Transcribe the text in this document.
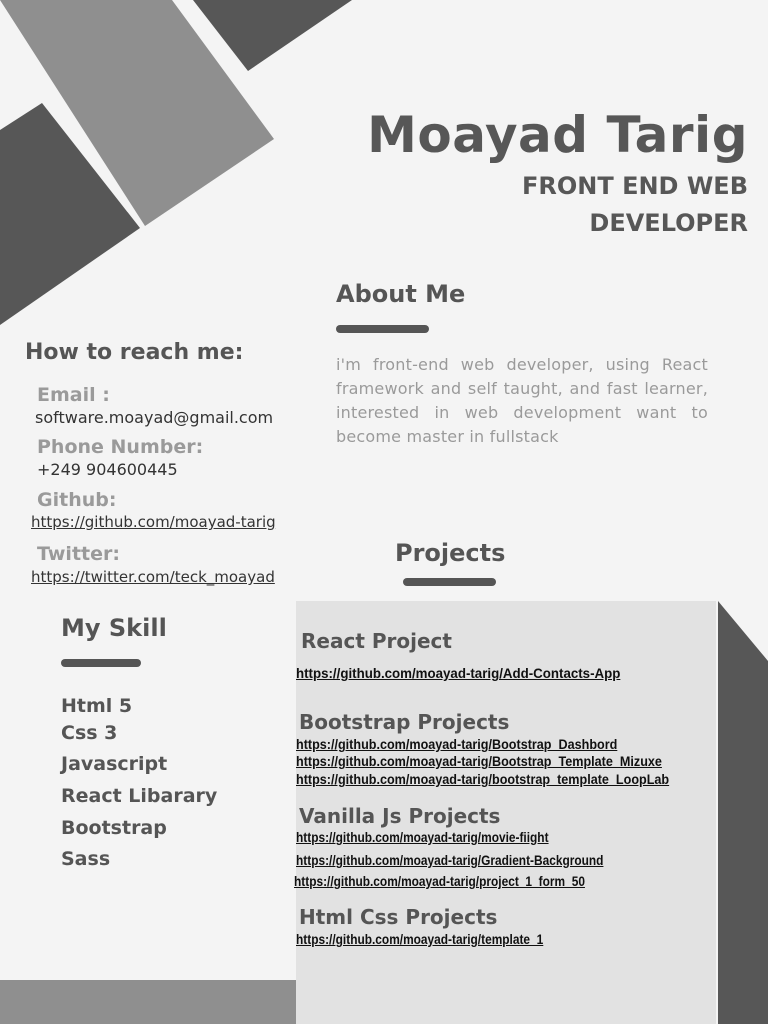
Moayad Tarig
FRONT END WEB DEVELOPER
About Me
i'm front-end web developer, using React framework and self taught, and fast learner, interested in web development want to become master in fullstack
How to reach me:
Email :
software.moayad@gmail.com
Phone Number:
+249 904600445
Github:
https://github.com/moayad-tarig
Twitter:
https://twitter.com/teck_moayad
My Skill
Html 5
Css 3
Javascript
React Libarary
Bootstrap
Sass
Projects
React Project
https://github.com/moayad-tarig/Add-Contacts-App
Bootstrap Projects
https://github.com/moayad-tarig/Bootstrap_Dashbord
https://github.com/moayad-tarig/Bootstrap_Template_Mizuxe
https://github.com/moayad-tarig/bootstrap_template_LoopLab
Vanilla Js Projects
https://github.com/moayad-tarig/movie-fiight
https://github.com/moayad-tarig/Gradient-Background
https://github.com/moayad-tarig/project_1_form_50
Html Css Projects
https://github.com/moayad-tarig/template_1
